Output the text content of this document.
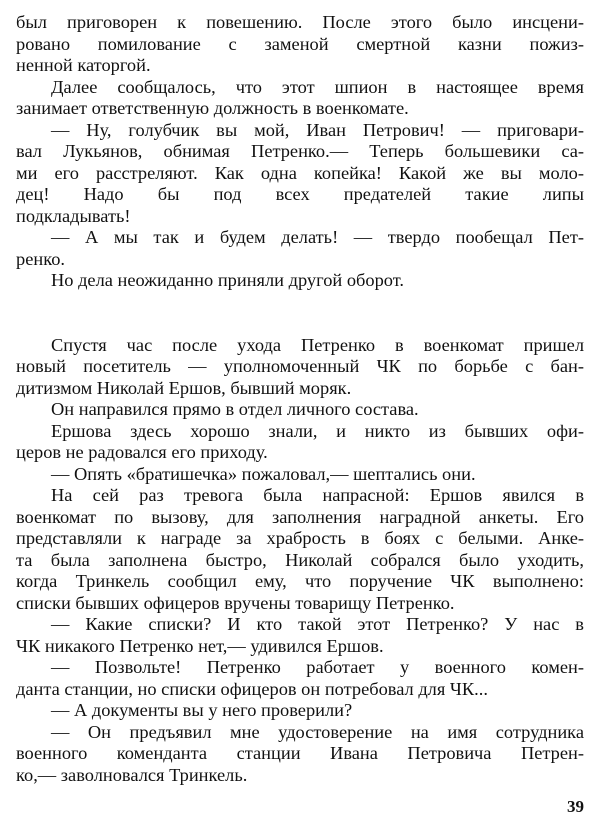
был приговорен к повешению. После этого было инсцени-

ровано помилование с заменой смертной казни пожиз-

ненной каторгой.

Далее сообщалось, что этот шпион в настоящее время

занимает ответственную должность в военкомате.

— Ну, голубчик вы мой, Иван Петрович! — приговари-

вал Лукьянов, обнимая Петренко.— Теперь большевики са-

ми его расстреляют. Как одна копейка! Какой же вы моло-

дец! Надо бы под всех предателей такие липы

подкладывать!

— А мы так и будем делать! — твердо пообещал Пет-

ренко.

Но дела неожиданно приняли другой оборот.

Спустя час после ухода Петренко в военкомат пришел

новый посетитель — уполномоченный ЧК по борьбе с бан-

дитизмом Николай Ершов, бывший моряк.

Он направился прямо в отдел личного состава.

Ершова здесь хорошо знали, и никто из бывших офи-

церов не радовался его приходу.

— Опять «братишечка» пожаловал,— шептались они.

На сей раз тревога была напрасной: Ершов явился в

военкомат по вызову, для заполнения наградной анкеты. Его

представляли к награде за храбрость в боях с белыми. Анке-

та была заполнена быстро, Николай собрался было уходить,

когда Тринкель сообщил ему, что поручение ЧК выполнено:

списки бывших офицеров вручены товарищу Петренко.

— Какие списки? И кто такой этот Петренко? У нас в

ЧК никакого Петренко нет,— удивился Ершов.

— Позвольте! Петренко работает у военного комен-

данта станции, но списки офицеров он потребовал для ЧК...

— А документы вы у него проверили?

— Он предъявил мне удостоверение на имя сотрудника

военного коменданта станции Ивана Петровича Петрен-

ко,— заволновался Тринкель.

39
